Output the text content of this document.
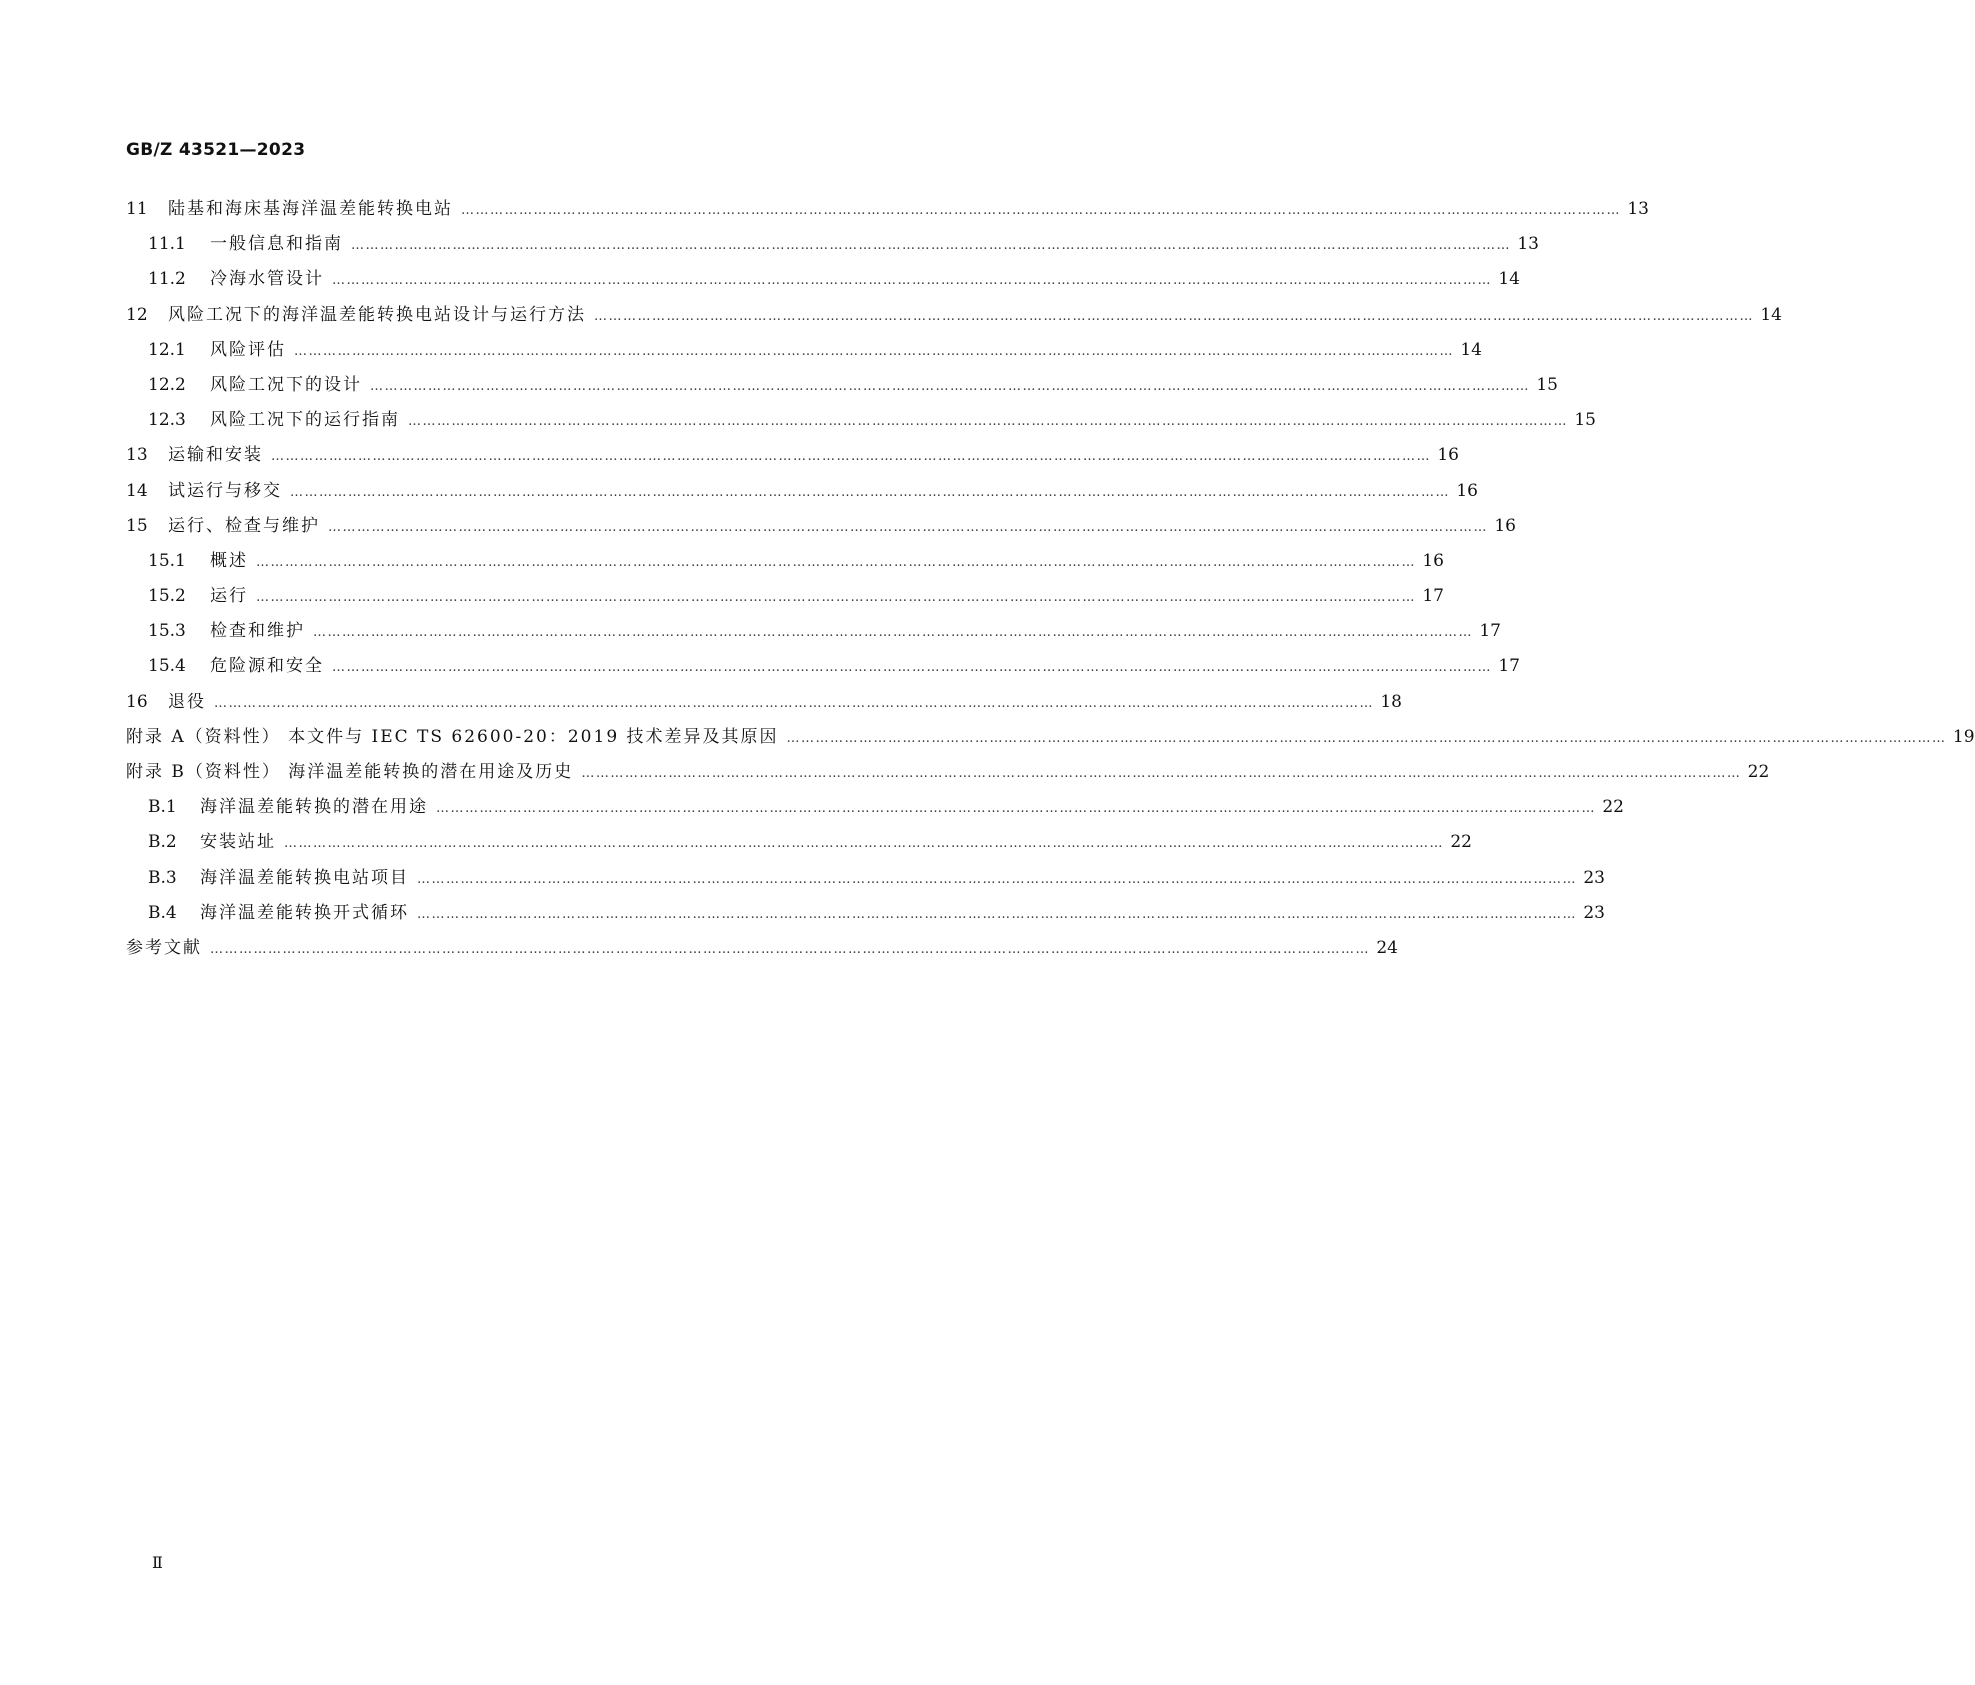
GB/Z 43521—2023
11	陆基和海床基海洋温差能转换电站 …………………………………………………………………………………………………………………………………………………………………………………………………………………… 13
11.1	一般信息和指南 …………………………………………………………………………………………………………………………………………………………………………………………………………………… 13
11.2	冷海水管设计 …………………………………………………………………………………………………………………………………………………………………………………………………………………… 14
12	风险工况下的海洋温差能转换电站设计与运行方法 …………………………………………………………………………………………………………………………………………………………………………………………………………………… 14
12.1	风险评估 …………………………………………………………………………………………………………………………………………………………………………………………………………………… 14
12.2	风险工况下的设计 …………………………………………………………………………………………………………………………………………………………………………………………………………………… 15
12.3	风险工况下的运行指南 …………………………………………………………………………………………………………………………………………………………………………………………………………………… 15
13	运输和安装 …………………………………………………………………………………………………………………………………………………………………………………………………………………… 16
14	试运行与移交 …………………………………………………………………………………………………………………………………………………………………………………………………………………… 16
15	运行、检查与维护 …………………………………………………………………………………………………………………………………………………………………………………………………………………… 16
15.1	概述 …………………………………………………………………………………………………………………………………………………………………………………………………………………… 16
15.2	运行 …………………………………………………………………………………………………………………………………………………………………………………………………………………… 17
15.3	检查和维护 …………………………………………………………………………………………………………………………………………………………………………………………………………………… 17
15.4	危险源和安全 …………………………………………………………………………………………………………………………………………………………………………………………………………………… 17
16	退役 …………………………………………………………………………………………………………………………………………………………………………………………………………………… 18
附录 A（资料性） 本文件与 IEC TS 62600-20：2019 技术差异及其原因 …………………………………………………………………………………………………………………………………………………………………………………………………………………… 19
附录 B（资料性） 海洋温差能转换的潜在用途及历史 …………………………………………………………………………………………………………………………………………………………………………………………………………………… 22
B.1	海洋温差能转换的潜在用途 …………………………………………………………………………………………………………………………………………………………………………………………………………………… 22
B.2	安装站址 …………………………………………………………………………………………………………………………………………………………………………………………………………………… 22
B.3	海洋温差能转换电站项目 …………………………………………………………………………………………………………………………………………………………………………………………………………………… 23
B.4	海洋温差能转换开式循环 …………………………………………………………………………………………………………………………………………………………………………………………………………………… 23
参考文献 …………………………………………………………………………………………………………………………………………………………………………………………………………………… 24
Ⅱ
